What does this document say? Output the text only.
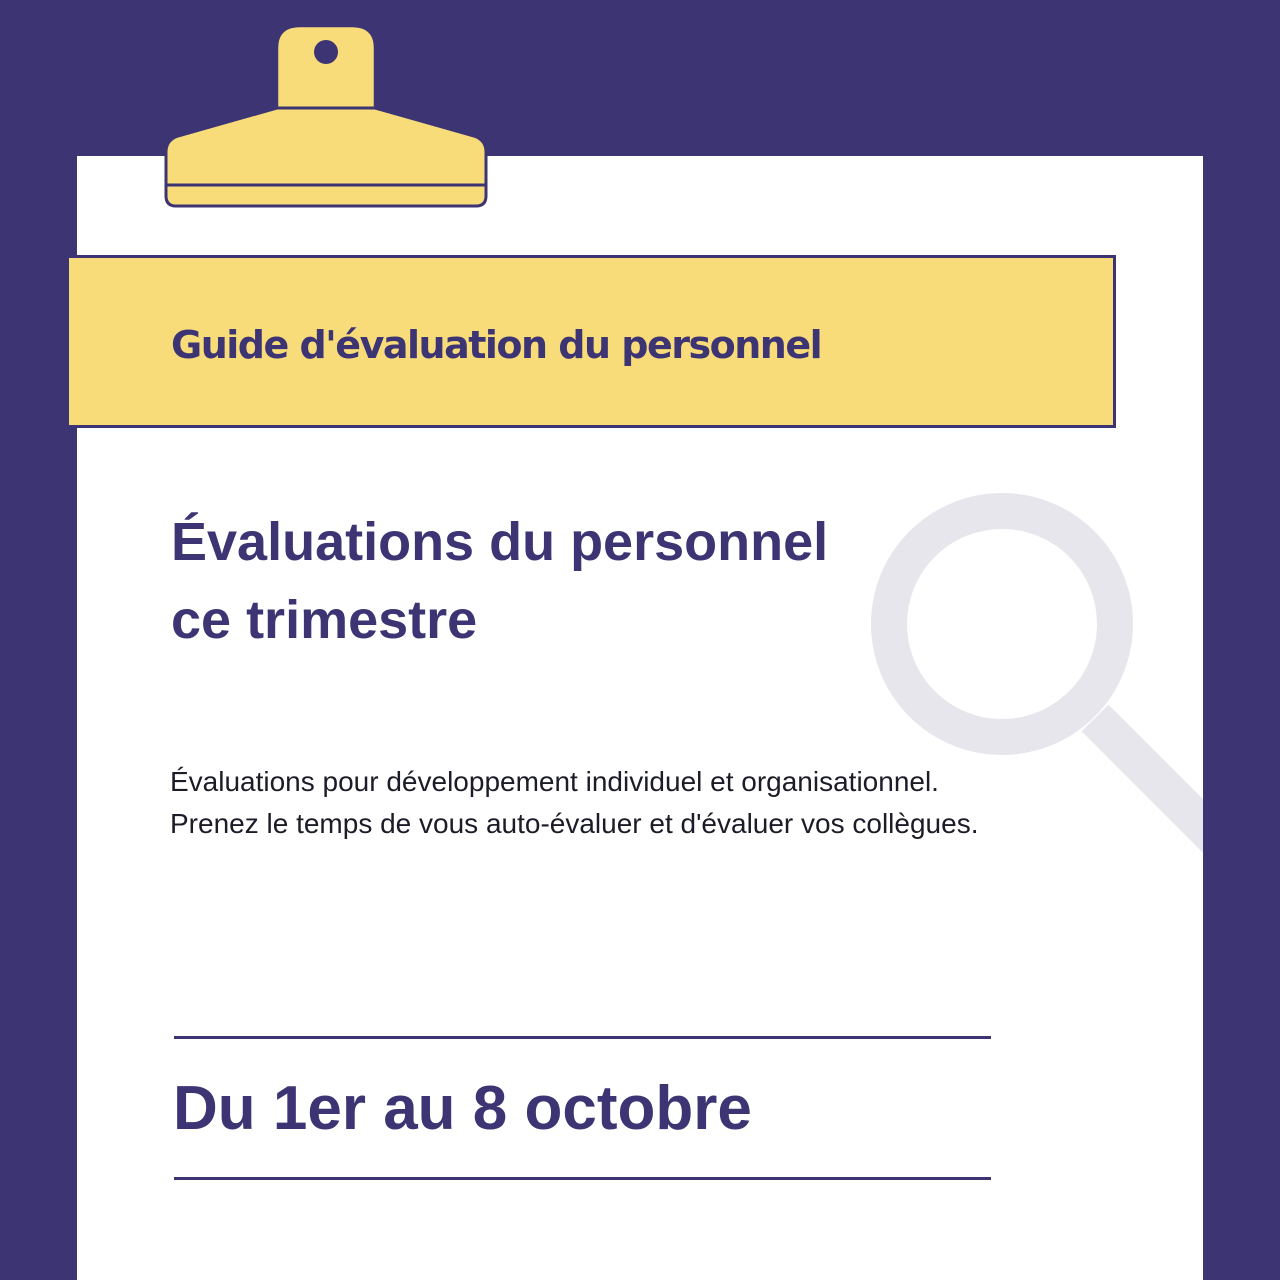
Guide d'évaluation du personnel
Évaluations du personnel
ce trimestre

Évaluations pour développement individuel et organisationnel.
Prenez le temps de vous auto-évaluer et d'évaluer vos collègues.

Du 1er au 8 octobre
